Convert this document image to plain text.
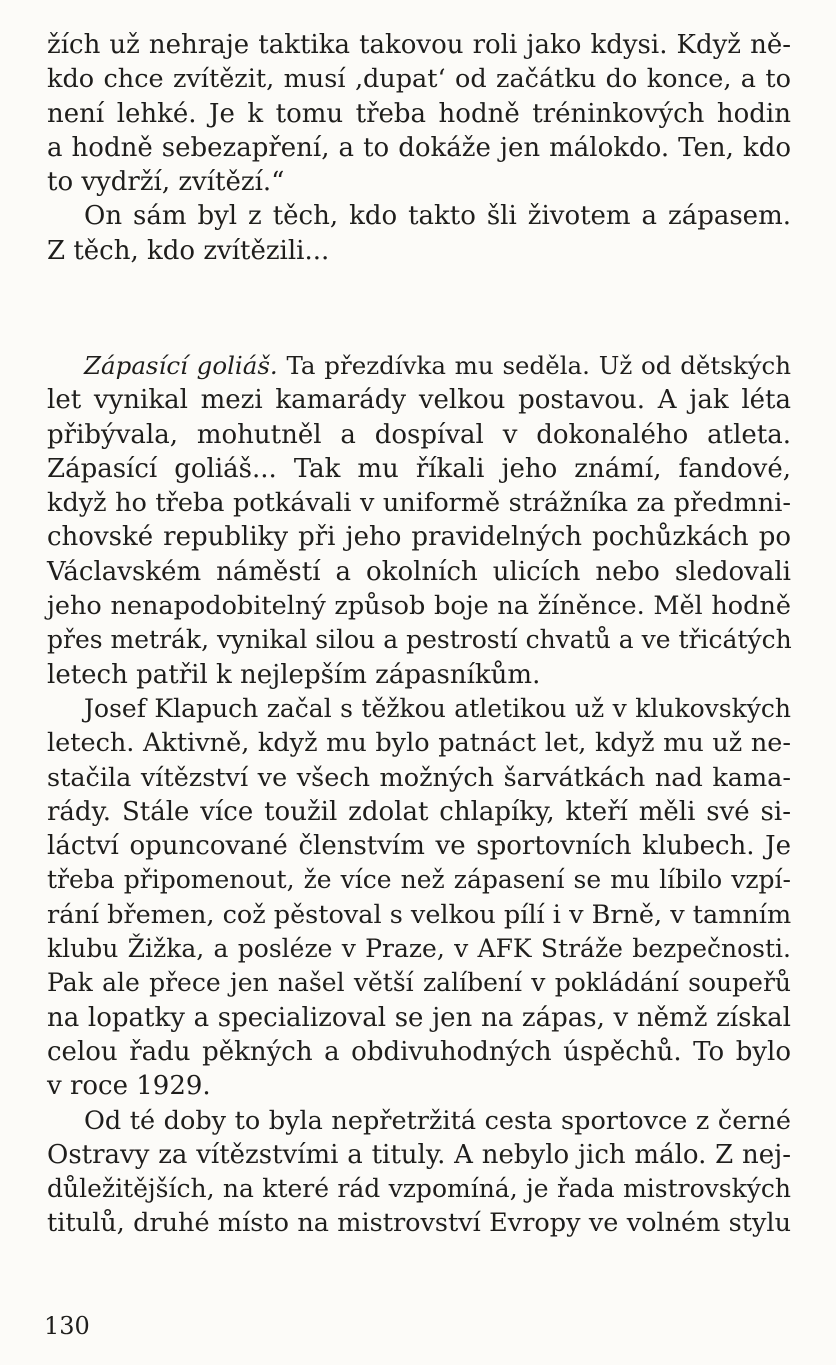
žích už nehraje taktika takovou roli jako kdysi. Když ně-
kdo chce zvítězit, musí ‚dupat‘ od začátku do konce, a to
není lehké. Je k tomu třeba hodně tréninkových hodin
a hodně sebezapření, a to dokáže jen málokdo. Ten, kdo
to vydrží, zvítězí.“
On sám byl z těch, kdo takto šli životem a zápasem.
Z těch, kdo zvítězili...
Zápasící goliáš. Ta přezdívka mu seděla. Už od dětských
let vynikal mezi kamarády velkou postavou. A jak léta
přibývala, mohutněl a dospíval v dokonalého atleta.
Zápasící goliáš... Tak mu říkali jeho známí, fandové,
když ho třeba potkávali v uniformě strážníka za předmni-
chovské republiky při jeho pravidelných pochůzkách po
Václavském náměstí a okolních ulicích nebo sledovali
jeho nenapodobitelný způsob boje na žíněnce. Měl hodně
přes metrák, vynikal silou a pestrostí chvatů a ve třicátých
letech patřil k nejlepším zápasníkům.
Josef Klapuch začal s těžkou atletikou už v klukovských
letech. Aktivně, když mu bylo patnáct let, když mu už ne-
stačila vítězství ve všech možných šarvátkách nad kama-
rády. Stále více toužil zdolat chlapíky, kteří měli své si-
láctví opuncované členstvím ve sportovních klubech. Je
třeba připomenout, že více než zápasení se mu líbilo vzpí-
rání břemen, což pěstoval s velkou pílí i v Brně, v tamním
klubu Žižka, a posléze v Praze, v AFK Stráže bezpečnosti.
Pak ale přece jen našel větší zalíbení v pokládání soupeřů
na lopatky a specializoval se jen na zápas, v němž získal
celou řadu pěkných a obdivuhodných úspěchů. To bylo
v roce 1929.
Od té doby to byla nepřetržitá cesta sportovce z černé
Ostravy za vítězstvími a tituly. A nebylo jich málo. Z nej-
důležitějších, na které rád vzpomíná, je řada mistrovských
titulů, druhé místo na mistrovství Evropy ve volném stylu
130
